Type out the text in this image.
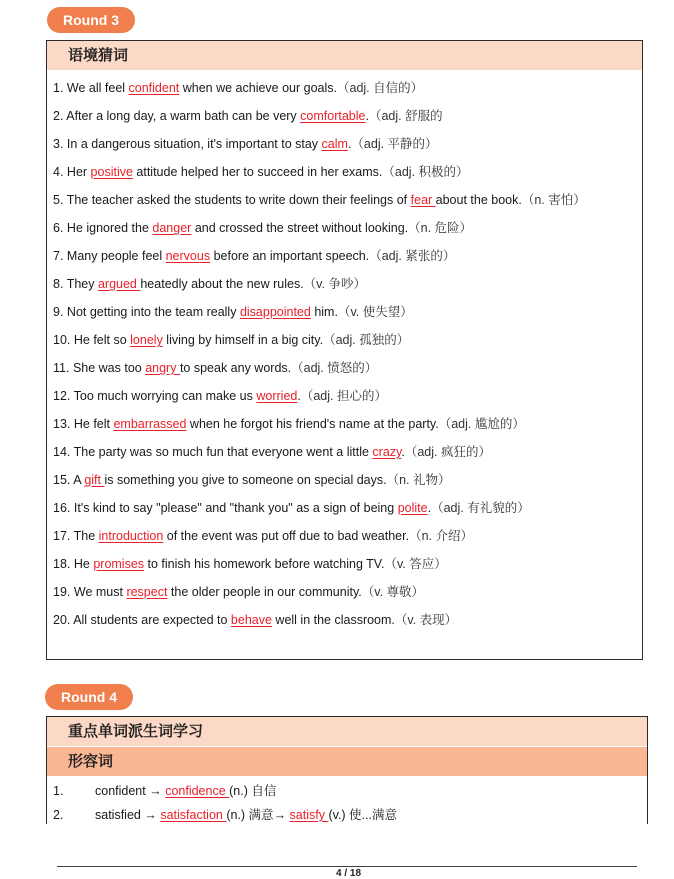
Round 3
语境猜词
1. We all feel confident when we achieve our goals.（adj. 自信的）
2. After a long day, a warm bath can be very comfortable.（adj. 舒服的
3. In a dangerous situation, it's important to stay calm.（adj. 平静的）
4. Her positive attitude helped her to succeed in her exams.（adj. 积极的）
5. The teacher asked the students to write down their feelings of fear about the book.（n. 害怕）
6. He ignored the danger and crossed the street without looking.（n. 危险）
7. Many people feel nervous before an important speech.（adj. 紧张的）
8. They argued heatedly about the new rules.（v. 争吵）
9. Not getting into the team really disappointed him.（v. 使失望）
10. He felt so lonely living by himself in a big city.（adj. 孤独的）
11. She was too angry to speak any words.（adj. 愤怒的）
12. Too much worrying can make us worried.（adj. 担心的）
13. He felt embarrassed when he forgot his friend's name at the party.（adj. 尴尬的）
14. The party was so much fun that everyone went a little crazy.（adj. 疯狂的）
15. A gift is something you give to someone on special days.（n. 礼物）
16. It's kind to say "please" and "thank you" as a sign of being polite.（adj. 有礼貌的）
17. The introduction of the event was put off due to bad weather.（n. 介绍）
18. He promises to finish his homework before watching TV.（v. 答应）
19. We must respect the older people in our community.（v. 尊敬）
20. All students are expected to behave well in the classroom.（v. 表现）
Round 4
重点单词派生词学习
形容词
1.	confident → confidence (n.) 自信
2.	satisfied → satisfaction (n.) 满意→ satisfy (v.) 使...满意
4 / 18
